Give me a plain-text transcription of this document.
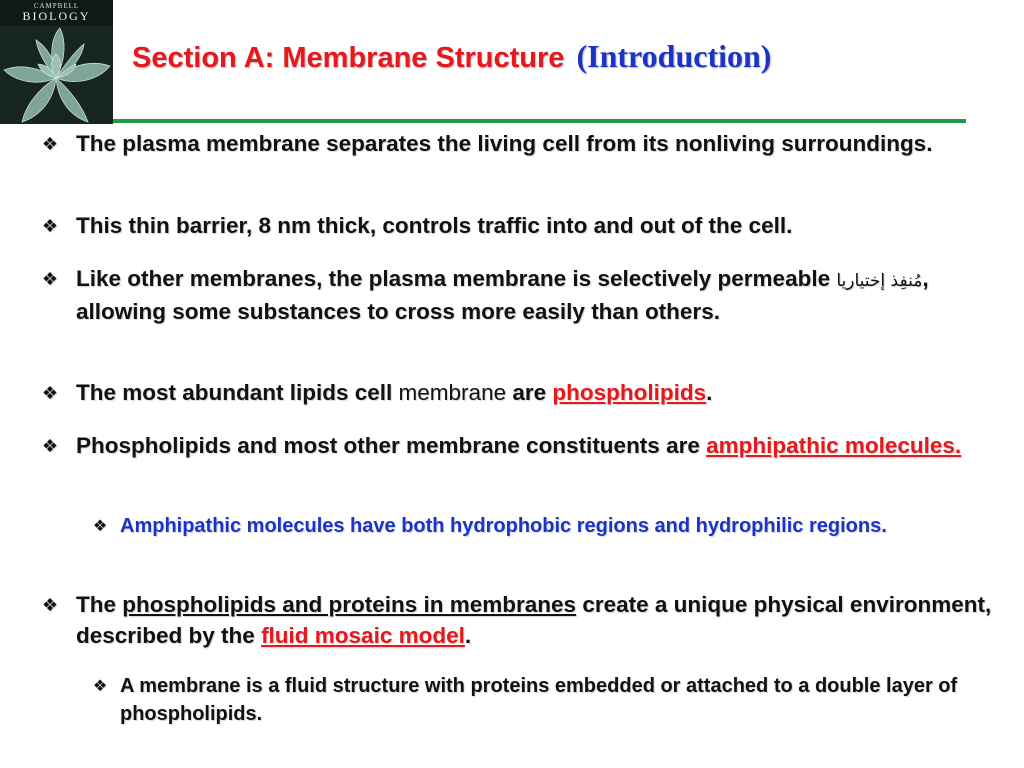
CAMPBELL
BIOLOGY
Section A: Membrane Structure (Introduction)
❖ The plasma membrane separates the living cell from its nonliving surroundings.
❖ This thin barrier, 8 nm thick, controls traffic into and out of the cell.
❖ Like other membranes, the plasma membrane is selectively permeable مُنفِذ إختياريا, allowing some substances to cross more easily than others.
❖ The most abundant lipids cell membrane are phospholipids.
❖ Phospholipids and most other membrane constituents are amphipathic molecules.
❖ Amphipathic molecules have both hydrophobic regions and hydrophilic regions.
❖ The phospholipids and proteins in membranes create a unique physical environment, described by the fluid mosaic model.
❖ A membrane is a fluid structure with proteins embedded or attached to a double layer of phospholipids.
